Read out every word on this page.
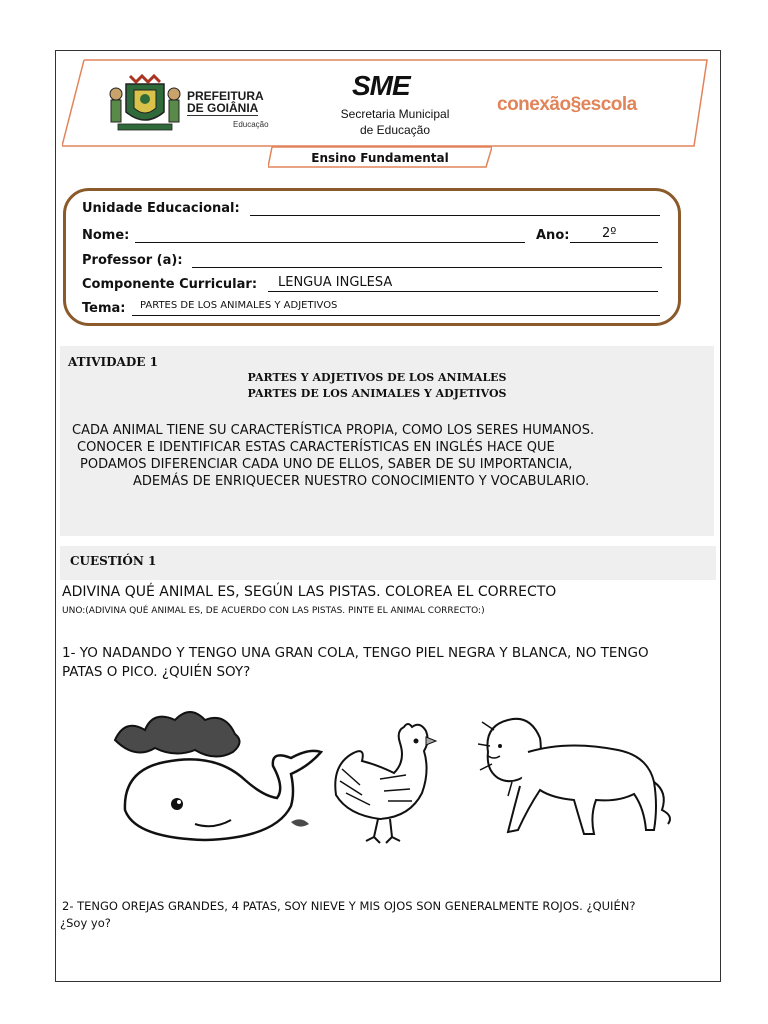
PREFEITURA
DE GOIÂNIA
Educação
SME
Secretaria Municipal
de Educação
conexão§escola
Ensino Fundamental
Unidade Educacional:
Nome:	Ano:	2º
Professor (a):
Componente Curricular: LENGUA INGLESA
Tema: PARTES DE LOS ANIMALES Y ADJETIVOS
ATIVIDADE 1
PARTES Y ADJETIVOS DE LOS ANIMALES
PARTES DE LOS ANIMALES Y ADJETIVOS
CADA ANIMAL TIENE SU CARACTERÍSTICA PROPIA, COMO LOS SERES HUMANOS.
CONOCER E IDENTIFICAR ESTAS CARACTERÍSTICAS EN INGLÉS HACE QUE
PODAMOS DIFERENCIAR CADA UNO DE ELLOS, SABER DE SU IMPORTANCIA,
ADEMÁS DE ENRIQUECER NUESTRO CONOCIMIENTO Y VOCABULARIO.
CUESTIÓN 1
ADIVINA QUÉ ANIMAL ES, SEGÚN LAS PISTAS. COLOREA EL CORRECTO
UNO:(ADIVINA QUÉ ANIMAL ES, DE ACUERDO CON LAS PISTAS. PINTE EL ANIMAL CORRECTO:)
1- YO NADANDO Y TENGO UNA GRAN COLA, TENGO PIEL NEGRA Y BLANCA, NO TENGO
PATAS O PICO. ¿QUIÉN SOY?
2- TENGO OREJAS GRANDES, 4 PATAS, SOY NIEVE Y MIS OJOS SON GENERALMENTE ROJOS. ¿QUIÉN?
¿Soy yo?
